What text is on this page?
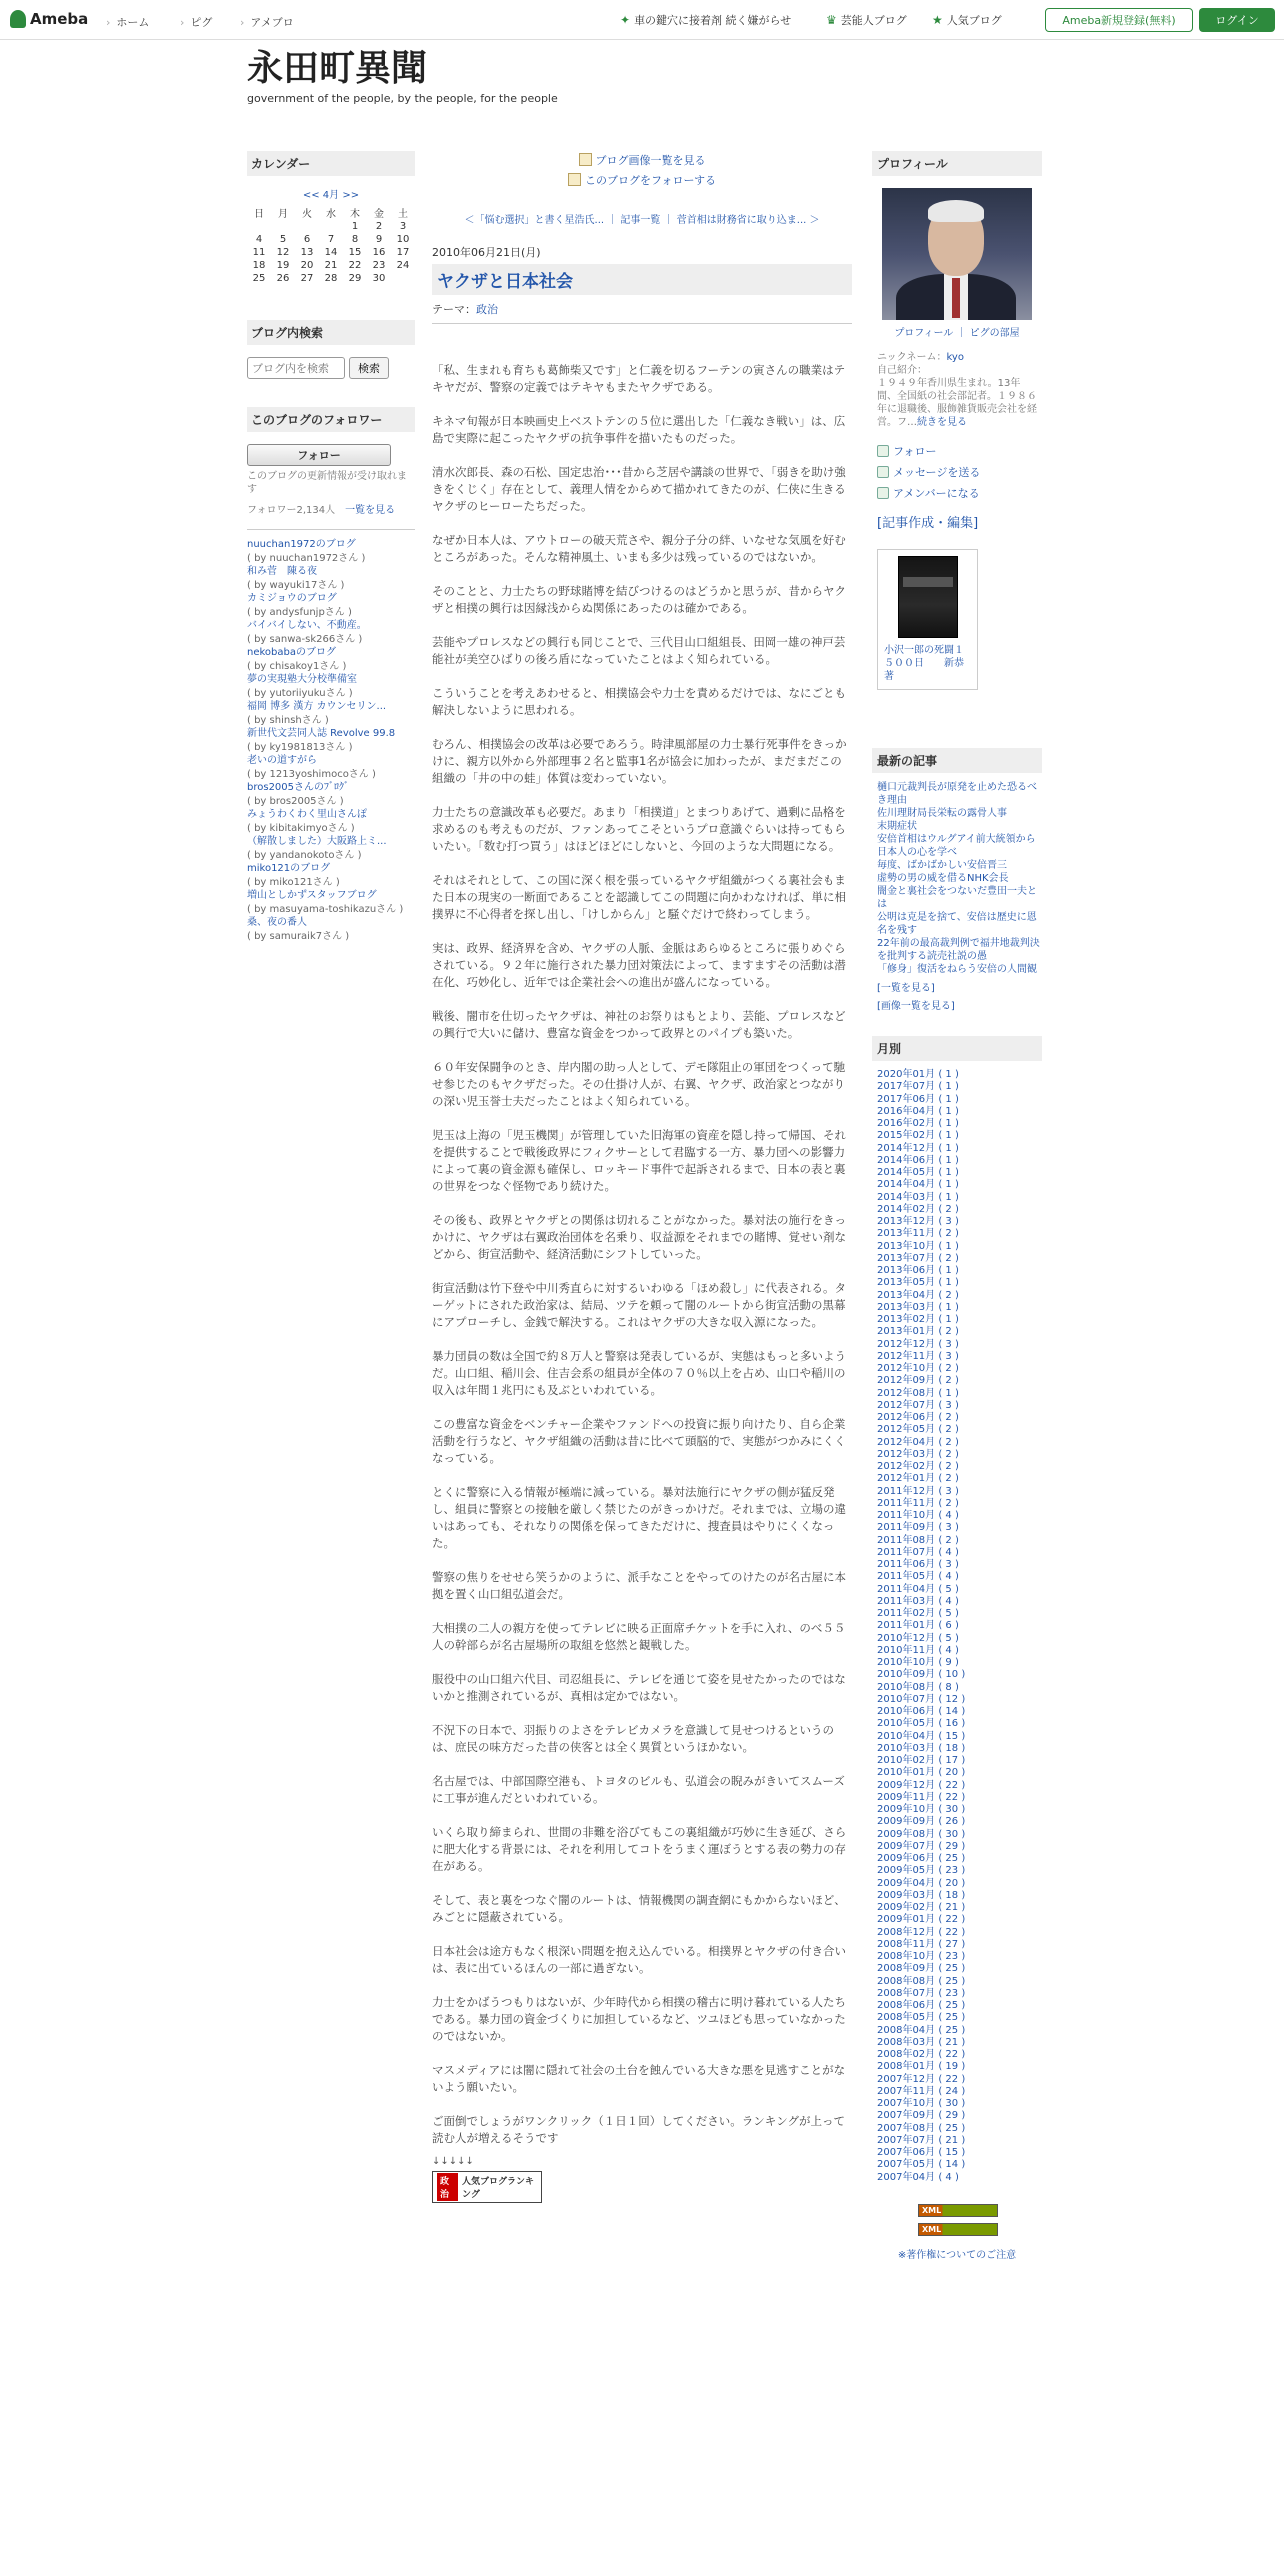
Ameba › ホーム	› ピグ	› アメブロ	✦ 車の鍵穴に接着剤 続く嫌がらせ	♛ 芸能人ブログ ★ 人気ブログ	Ameba新規登録(無料)	ログイン
永田町異聞
government of the people, by the people, for the people
カレンダー
<< 4月 >>
日	月	火	水	木	金	土
				1	2	3
4	5	6	7	8	9	10
11	12	13	14	15	16	17
18	19	20	21	22	23	24
25	26	27	28	29	30	
ブログ内検索
ブログ内を検索
検索
このブログのフォロワー
フォロー
このブログの更新情報が受け取れます
フォロワー2,134人　 一覧を見る
nuuchan1972のブログ
( by nuuchan1972さん )
和み菅　陳る夜
( by wayuki17さん )
カミジョウのブログ
( by andysfunjpさん )
バイバイしない、不動産。
( by sanwa-sk266さん )
nekobabaのブログ
( by chisakoy1さん )
夢の実現塾大分校準備室
( by yutoriiyukuさん )
福岡 博多 漢方 カウンセリン...
( by shinshさん )
新世代文芸同人誌 Revolve 99.8
( by ky1981813さん )
老いの道すがら
( by 1213yoshimocoさん )
bros2005さんのﾌﾞﾛｸﾞ
( by bros2005さん )
みょうわくわく里山さんぽ
( by kibitakimyoさん )
（解散しました）大阪路上ミ...
( by yandanokotoさん )
miko121のブログ
( by miko121さん )
増山としかずスタッフブログ
( by masuyama-toshikazuさん )
桑、夜の番人
( by samuraik7さん )
ブログ画像一覧を見る
このブログをフォローする
＜「悩む選択」と書く星浩氏... ｜ 記事一覧 ｜ 菅首相は財務省に取り込ま... ＞
2010年06月21日(月)
ヤクザと日本社会
テーマ：政治

「私、生まれも育ちも葛飾柴又です」と仁義を切るフーテンの寅さんの職業はテキヤだが、警察の定義ではテキヤもまたヤクザである。

キネマ旬報が日本映画史上ベストテンの５位に選出した「仁義なき戦い」は、広島で実際に起こったヤクザの抗争事件を描いたものだった。

清水次郎長、森の石松、国定忠治･･･昔から芝居や講談の世界で、「弱きを助け強きをくじく」存在として、義理人情をからめて描かれてきたのが、仁侠に生きるヤクザのヒーローたちだった。

なぜか日本人は、アウトローの破天荒さや、親分子分の絆、いなせな気風を好むところがあった。そんな精神風土、いまも多少は残っているのではないか。

そのことと、力士たちの野球賭博を結びつけるのはどうかと思うが、昔からヤクザと相撲の興行は因縁浅からぬ関係にあったのは確かである。

芸能やプロレスなどの興行も同じことで、三代目山口組組長、田岡一雄の神戸芸能社が美空ひばりの後ろ盾になっていたことはよく知られている。

こういうことを考えあわせると、相撲協会や力士を責めるだけでは、なにごとも解決しないように思われる。

むろん、相撲協会の改革は必要であろう。時津風部屋の力士暴行死事件をきっかけに、親方以外から外部理事２名と監事1名が協会に加わったが、まだまだこの組織の「井の中の蛙」体質は変わっていない。

力士たちの意識改革も必要だ。あまり「相撲道」とまつりあげて、過剰に品格を求めるのも考えものだが、ファンあってこそというプロ意識ぐらいは持ってもらいたい。「数む打つ買う」はほどほどにしないと、今回のような大問題になる。

それはそれとして、この国に深く根を張っているヤクザ組織がつくる裏社会もまた日本の現実の一断面であることを認識してこの問題に向かわなければ、単に相撲界に不心得者を探し出し、「けしからん」と騒ぐだけで終わってしまう。

実は、政界、経済界を含め、ヤクザの人脈、金脈はあらゆるところに張りめぐらされている。９２年に施行された暴力団対策法によって、ますますその活動は潜在化、巧妙化し、近年では企業社会への進出が盛んになっている。

戦後、闇市を仕切ったヤクザは、神社のお祭りはもとより、芸能、プロレスなどの興行で大いに儲け、豊富な資金をつかって政界とのパイプも築いた。

６０年安保闘争のとき、岸内閣の助っ人として、デモ隊阻止の軍団をつくって馳せ参じたのもヤクザだった。その仕掛け人が、右翼、ヤクザ、政治家とつながりの深い児玉誉士夫だったことはよく知られている。

児玉は上海の「児玉機関」が管理していた旧海軍の資産を隠し持って帰国、それを提供することで戦後政界にフィクサーとして君臨する一方、暴力団への影響力によって裏の資金源も確保し、ロッキード事件で起訴されるまで、日本の表と裏の世界をつなぐ怪物であり続けた。

その後も、政界とヤクザとの関係は切れることがなかった。暴対法の施行をきっかけに、ヤクザは右翼政治団体を名乗り、収益源をそれまでの賭博、覚せい剤などから、街宣活動や、経済活動にシフトしていった。

街宣活動は竹下登や中川秀直らに対するいわゆる「ほめ殺し」に代表される。ターゲットにされた政治家は、結局、ツテを頼って闇のルートから街宣活動の黒幕にアプローチし、金銭で解決する。これはヤクザの大きな収入源になった。

暴力団員の数は全国で約８万人と警察は発表しているが、実態はもっと多いようだ。山口組、稲川会、住吉会系の組員が全体の７０％以上を占め、山口や稲川の収入は年間１兆円にも及ぶといわれている。

この豊富な資金をベンチャー企業やファンドへの投資に振り向けたり、自ら企業活動を行うなど、ヤクザ組織の活動は昔に比べて頭脳的で、実態がつかみにくくなっている。

とくに警察に入る情報が極端に減っている。暴対法施行にヤクザの側が猛反発し、組員に警察との接触を厳しく禁じたのがきっかけだ。それまでは、立場の違いはあっても、それなりの関係を保ってきただけに、捜査員はやりにくくなった。

警察の焦りをせせら笑うかのように、派手なことをやってのけたのが名古屋に本拠を置く山口組弘道会だ。

大相撲の二人の親方を使ってテレビに映る正面席チケットを手に入れ、のべ５５人の幹部らが名古屋場所の取組を悠然と観戦した。

服役中の山口組六代目、司忍組長に、テレビを通じて姿を見せたかったのではないかと推測されているが、真相は定かではない。

不況下の日本で、羽振りのよさをテレビカメラを意識して見せつけるというのは、庶民の味方だった昔の侠客とは全く異質というほかない。

名古屋では、中部国際空港も、トヨタのビルも、弘道会の睨みがきいてスムーズに工事が進んだといわれている。

いくら取り締まられ、世間の非難を浴びてもこの裏組織が巧妙に生き延び、さらに肥大化する背景には、それを利用してコトをうまく運ぼうとする表の勢力の存在がある。

そして、表と裏をつなぐ闇のルートは、情報機関の調査網にもかからないほど、みごとに隠蔽されている。

日本社会は途方もなく根深い問題を抱え込んでいる。相撲界とヤクザの付き合いは、表に出ているほんの一部に過ぎない。

力士をかばうつもりはないが、少年時代から相撲の稽古に明け暮れている人たちである。暴力団の資金づくりに加担しているなど、ツユほども思っていなかったのではないか。

マスメディアには闇に隠れて社会の土台を蝕んでいる大きな悪を見逃すことがないよう願いたい。

ご面倒でしょうがワンクリック（１日１回）してください。ランキングが上って読む人が増えるそうです

↓↓↓↓↓
政治
人気ブログランキング
プロフィール
プロフィール ｜ ピグの部屋
ニックネーム：kyo
自己紹介：
１９４９年香川県生まれ。13年間、全国紙の社会部記者。１９８６年に退職後、服飾雑貨販売会社を経営。フ…続きを見る
フォロー
メッセージを送る
アメンバーになる
[記事作成・編集]
小沢一郎の死闘１５００日　　新恭　著
最新の記事
樋口元裁判長が原発を止めた恐るべき理由
佐川理財局長栄転の露骨人事
末期症状
安倍首相はウルグアイ前大統領から日本人の心を学べ
毎度、ばかばかしい安倍晋三
虚勢の男の威を借るNHK会長
闇金と裏社会をつないだ豊田一夫とは
公明は克是を捨て、安倍は歴史に恩名を残す
22年前の最高裁判例で福井地裁判決を批判する読売社説の愚
「修身」復活をねらう安倍の人間観
[一覧を見る]
[画像一覧を見る]
月別
2020年01月 ( 1 )
2017年07月 ( 1 )
2017年06月 ( 1 )
2016年04月 ( 1 )
2016年02月 ( 1 )
2015年02月 ( 1 )
2014年12月 ( 1 )
2014年06月 ( 1 )
2014年05月 ( 1 )
2014年04月 ( 1 )
2014年03月 ( 1 )
2014年02月 ( 2 )
2013年12月 ( 3 )
2013年11月 ( 2 )
2013年10月 ( 1 )
2013年07月 ( 2 )
2013年06月 ( 1 )
2013年05月 ( 1 )
2013年04月 ( 2 )
2013年03月 ( 1 )
2013年02月 ( 1 )
2013年01月 ( 2 )
2012年12月 ( 3 )
2012年11月 ( 3 )
2012年10月 ( 2 )
2012年09月 ( 2 )
2012年08月 ( 1 )
2012年07月 ( 3 )
2012年06月 ( 2 )
2012年05月 ( 2 )
2012年04月 ( 2 )
2012年03月 ( 2 )
2012年02月 ( 2 )
2012年01月 ( 2 )
2011年12月 ( 3 )
2011年11月 ( 2 )
2011年10月 ( 4 )
2011年09月 ( 3 )
2011年08月 ( 2 )
2011年07月 ( 4 )
2011年06月 ( 3 )
2011年05月 ( 4 )
2011年04月 ( 5 )
2011年03月 ( 4 )
2011年02月 ( 5 )
2011年01月 ( 6 )
2010年12月 ( 5 )
2010年11月 ( 4 )
2010年10月 ( 9 )
2010年09月 ( 10 )
2010年08月 ( 8 )
2010年07月 ( 12 )
2010年06月 ( 14 )
2010年05月 ( 16 )
2010年04月 ( 15 )
2010年03月 ( 18 )
2010年02月 ( 17 )
2010年01月 ( 20 )
2009年12月 ( 22 )
2009年11月 ( 22 )
2009年10月 ( 30 )
2009年09月 ( 26 )
2009年08月 ( 30 )
2009年07月 ( 29 )
2009年06月 ( 25 )
2009年05月 ( 23 )
2009年04月 ( 20 )
2009年03月 ( 18 )
2009年02月 ( 21 )
2009年01月 ( 22 )
2008年12月 ( 22 )
2008年11月 ( 27 )
2008年10月 ( 23 )
2008年09月 ( 25 )
2008年08月 ( 25 )
2008年07月 ( 23 )
2008年06月 ( 25 )
2008年05月 ( 25 )
2008年04月 ( 25 )
2008年03月 ( 21 )
2008年02月 ( 22 )
2008年01月 ( 19 )
2007年12月 ( 22 )
2007年11月 ( 24 )
2007年10月 ( 30 )
2007年09月 ( 29 )
2007年08月 ( 25 )
2007年07月 ( 21 )
2007年06月 ( 15 )
2007年05月 ( 14 )
2007年04月 ( 4 )
XML
XML
※著作権についてのご注意
